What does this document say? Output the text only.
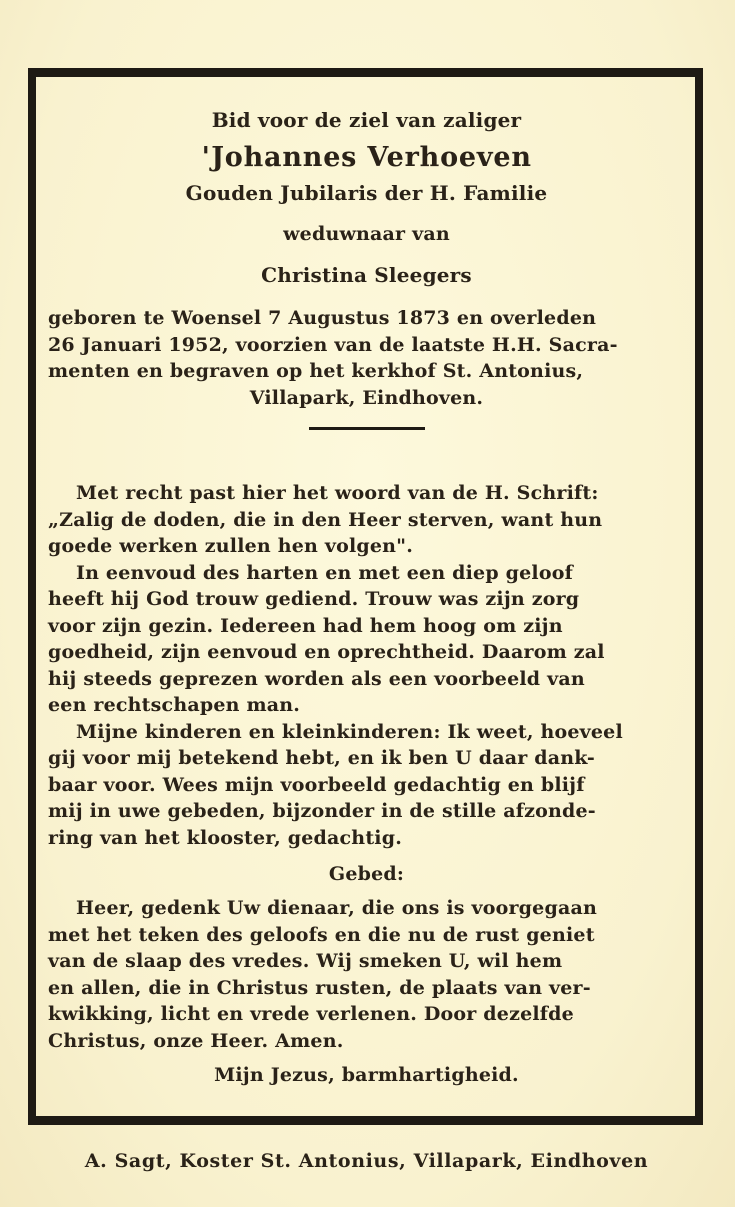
Bid voor de ziel van zaliger
'Johannes Verhoeven
Gouden Jubilaris der H. Familie
weduwnaar van
Christina Sleegers

geboren te Woensel 7 Augustus 1873 en overleden

26 Januari 1952, voorzien van de laatste H.H. Sacra-

menten en begraven op het kerkhof St. Antonius,

Villapark, Eindhoven.

Met recht past hier het woord van de H. Schrift:

„Zalig de doden, die in den Heer sterven, want hun

goede werken zullen hen volgen".

In eenvoud des harten en met een diep geloof

heeft hij God trouw gediend. Trouw was zijn zorg

voor zijn gezin. Iedereen had hem hoog om zijn

goedheid, zijn eenvoud en oprechtheid. Daarom zal

hij steeds geprezen worden als een voorbeeld van

een rechtschapen man.

Mijne kinderen en kleinkinderen: Ik weet, hoeveel

gij voor mij betekend hebt, en ik ben U daar dank-

baar voor. Wees mijn voorbeeld gedachtig en blijf

mij in uwe gebeden, bijzonder in de stille afzonde-

ring van het klooster, gedachtig.

Gebed:

Heer, gedenk Uw dienaar, die ons is voorgegaan

met het teken des geloofs en die nu de rust geniet

van de slaap des vredes. Wij smeken U, wil hem

en allen, die in Christus rusten, de plaats van ver-

kwikking, licht en vrede verlenen. Door dezelfde

Christus, onze Heer. Amen.

Mijn Jezus, barmhartigheid.
A. Sagt, Koster St. Antonius, Villapark, Eindhoven
